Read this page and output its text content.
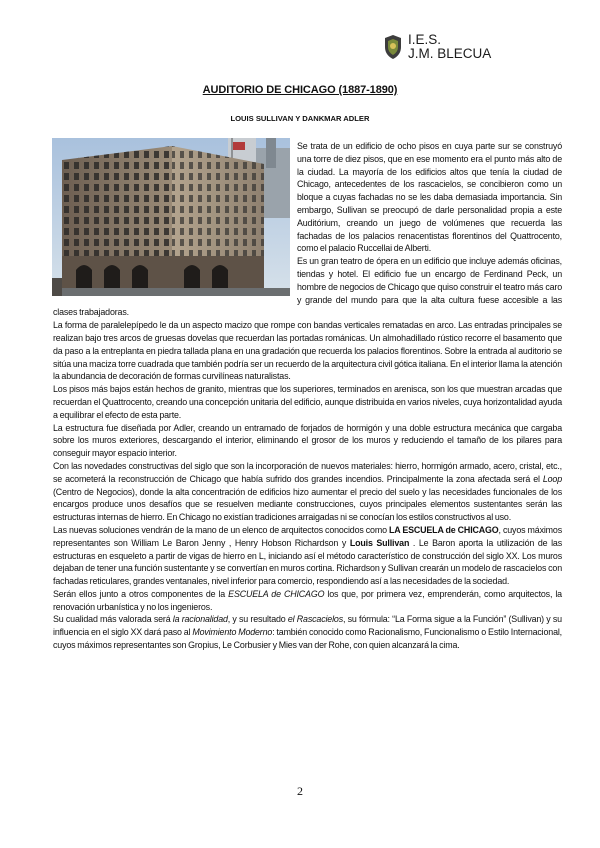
I.E.S.
J.M. BLECUA
AUDITORIO DE CHICAGO (1887-1890)
LOUIS SULLIVAN Y DANKMAR ADLER

Se trata de un edificio de ocho pisos en cuya parte sur se construyó una torre de diez pisos, que en ese momento era el punto más alto de la ciudad. La mayoría de los edificios altos que tenía la ciudad de Chicago, antecedentes de los rascacielos, se concibieron como un bloque a cuyas fachadas no se les daba demasiada importancia. Sin embargo, Sullivan se preocupó de darle personalidad propia a este Auditórium, creando un juego de volúmenes que recuerda las fachadas de los palacios renacentistas florentinos del Quattrocento, como el palacio Ruccellai de Alberti.

Es un gran teatro de ópera en un edificio que incluye además oficinas, tiendas y hotel. El edificio fue un encargo de Ferdinand Peck, un hombre de negocios de Chicago que quiso construir el teatro más caro y grande del mundo para que la alta cultura fuese accesible a las clases trabajadoras.

La forma de paralelepípedo le da un aspecto macizo que rompe con bandas verticales rematadas en arco. Las entradas principales se realizan bajo tres arcos de gruesas dovelas que recuerdan las portadas románicas. Un almohadillado rústico recorre el basamento que da paso a la entreplanta en piedra tallada plana en una gradación que recuerda los palacios florentinos. Sobre la entrada al auditorio se sitúa una maciza torre cuadrada que también podría ser un recuerdo de la arquitectura civil gótica italiana. En el interior llama la atención la abundancia de decoración de formas curvilíneas naturalistas.

Los pisos más bajos están hechos de granito, mientras que los superiores, terminados en arenisca, son los que muestran arcadas que recuerdan el Quattrocento, creando una concepción unitaria del edificio, aunque distribuida en varios niveles, cuya horizontalidad ayuda a equilibrar el efecto de esta parte.

La estructura fue diseñada por Adler, creando un entramado de forjados de hormigón y una doble estructura mecánica que cargaba sobre los muros exteriores, descargando el interior, eliminando el grosor de los muros y reduciendo el tamaño de los pilares para conseguir mayor espacio interior.

Con las novedades constructivas del siglo que son la incorporación de nuevos materiales: hierro, hormigón armado, acero, cristal, etc., se acometerá la reconstrucción de Chicago que había sufrido dos grandes incendios. Principalmente la zona afectada será el Loop (Centro de Negocios), donde la alta concentración de edificios hizo aumentar el precio del suelo y las necesidades funcionales de los encargos produce unos desafíos que se resuelven mediante construcciones, cuyos principales elementos sustentantes serán las estructuras internas de hierro. En Chicago no existían tradiciones arraigadas ni se conocían los estilos constructivos al uso.

Las nuevas soluciones vendrán de la mano de un elenco de arquitectos conocidos como LA ESCUELA de CHICAGO, cuyos máximos representantes son William Le Baron Jenny , Henry Hobson Richardson y Louis Sullivan . Le Baron aporta la utilización de las estructuras en esqueleto a partir de vigas de hierro en L, iniciando así el método característico de construcción del siglo XX. Los muros dejaban de tener una función sustentante y se convertían en muros cortina. Richardson y Sullivan crearán un modelo de rascacielos con fachadas reticulares, grandes ventanales, nivel inferior para comercio, respondiendo así a las necesidades de la sociedad.

Serán ellos junto a otros componentes de la ESCUELA de CHICAGO los que, por primera vez, emprenderán, como arquitectos, la renovación urbanística y no los ingenieros.

Su cualidad más valorada será la racionalidad, y su resultado el Rascacielos, su fórmula: “La Forma sigue a la Función” (Sullivan) y su influencia en el siglo XX dará paso al Movimiento Moderno: también conocido como Racionalismo, Funcionalismo o Estilo Internacional, cuyos máximos representantes son Gropius, Le Corbusier y Mies van der Rohe, con quien alcanzará la cima.

2
